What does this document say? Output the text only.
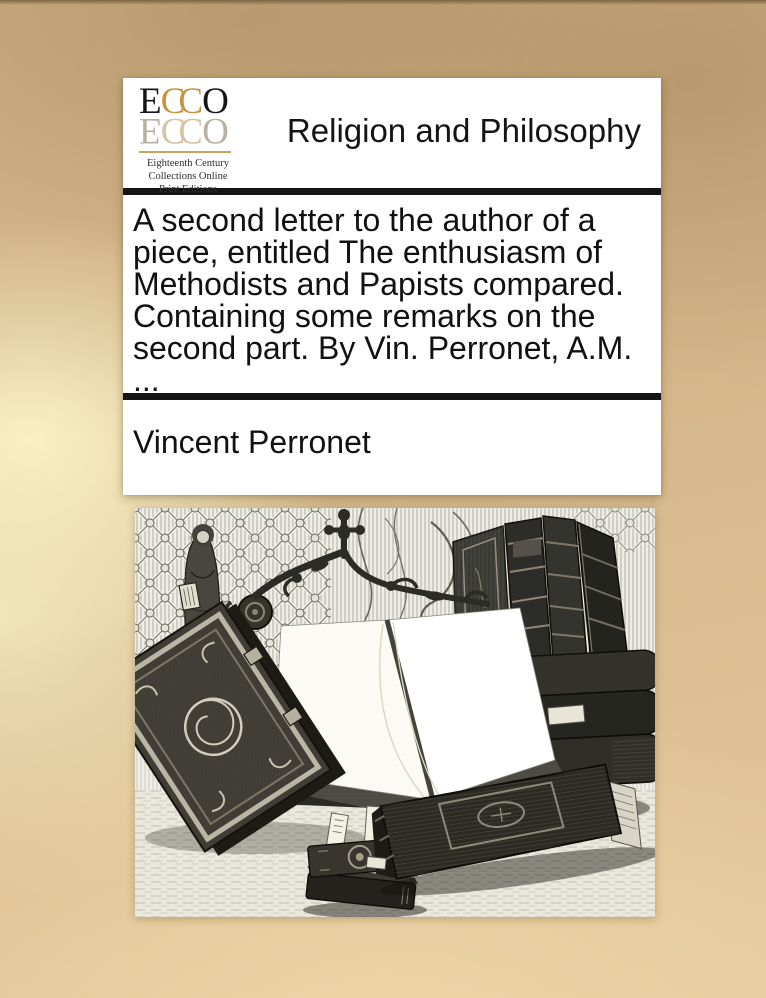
ECCO
ECCO
Eighteenth Century
Collections Online
Print Editions
Religion and Philosophy
A second letter to the author of a
piece, entitled The enthusiasm of
Methodists and Papists compared.
Containing some remarks on the
second part. By Vin. Perronet, A.M.
...
Vincent Perronet
